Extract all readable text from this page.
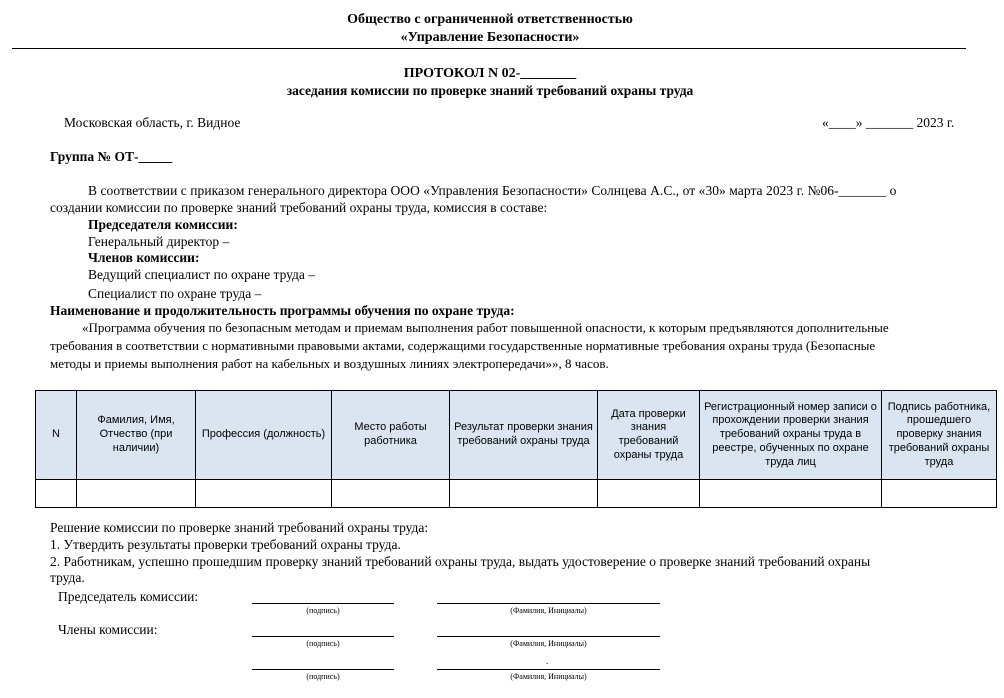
Общество с ограниченной ответственностью
«Управление Безопасности»
ПРОТОКОЛ N 02-________
заседания комиссии по проверке знаний требований охраны труда
Московская область, г. Видное	«____» _______ 2023 г.
Группа № ОТ-_____
В соответствии с приказом генерального директора ООО «Управления Безопасности» Солнцева А.С., от «30» марта 2023 г. №06-_______ о
создании комиссии по проверке знаний требований охраны труда, комиссия в составе:
Председателя комиссии:
Генеральный директор –
Членов комиссии:
Ведущий специалист по охране труда –
Специалист по охране труда –
Наименование и продолжительность программы обучения по охране труда:
«Программа обучения по безопасным методам и приемам выполнения работ повышенной опасности, к которым предъявляются дополнительные
требования в соответствии с нормативными правовыми актами, содержащими государственные нормативные требования охраны труда (Безопасные
методы и приемы выполнения работ на кабельных и воздушных линиях электропередачи»», 8 часов.
N	Фамилия, Имя, Отчество (при наличии)	Профессия (должность)	Место работы работника	Результат проверки знания требований охраны труда	Дата проверки знания требований охраны труда	Регистрационный номер записи о прохождении проверки знания требований охраны труда в реестре, обученных по охране труда лиц	Подпись работника, прошедшего проверку знания требований охраны труда

Решение комиссии по проверке знаний требований охраны труда:
1. Утвердить результаты проверки требований охраны труда.
2. Работникам, успешно прошедшим проверку знаний требований охраны труда, выдать удостоверение о проверке знаний требований охраны
труда.
Председатель комиссии:
(подпись)	(Фамилия, Инициалы)
Члены комиссии:
(подпись)	(Фамилия, Инициалы)
.
(подпись)	(Фамилия, Инициалы)
